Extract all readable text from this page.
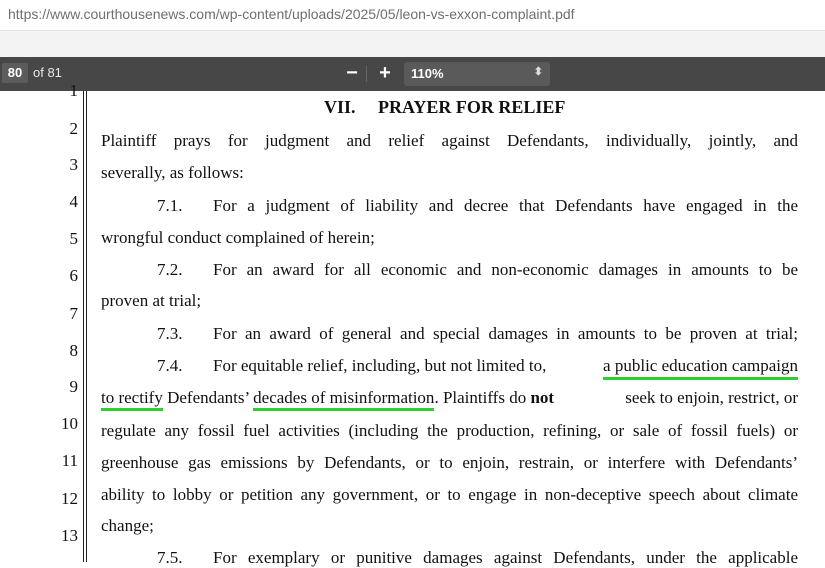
https://www.courthousenews.com/wp-content/uploads/2025/05/leon-vs-exxon-complaint.pdf
80 of 81	−	+	110%	⬍
1
2
3
4
5
6
7
8
9
10
11
12
13
VII.     PRAYER FOR RELIEF
Plaintiff prays for judgment and relief against Defendants, individually, jointly, and
severally, as follows:
7.1. For a judgment of liability and decree that Defendants have engaged in the
wrongful conduct complained of herein;
7.2. For an award for all economic and non-economic damages in amounts to be
proven at trial;
7.3. For an award of general and special damages in amounts to be proven at trial;
7.4. For equitable relief, including, but not limited to,	a public education campaign
to rectify Defendants’ decades of misinformation. Plaintiffs do not	seek to enjoin, restrict, or
regulate any fossil fuel activities (including the production, refining, or sale of fossil fuels) or
greenhouse gas emissions by Defendants, or to enjoin, restrain, or interfere with Defendants’
ability to lobby or petition any government, or to engage in non-deceptive speech about climate
change;
7.5. For exemplary or punitive damages against Defendants, under the applicable
